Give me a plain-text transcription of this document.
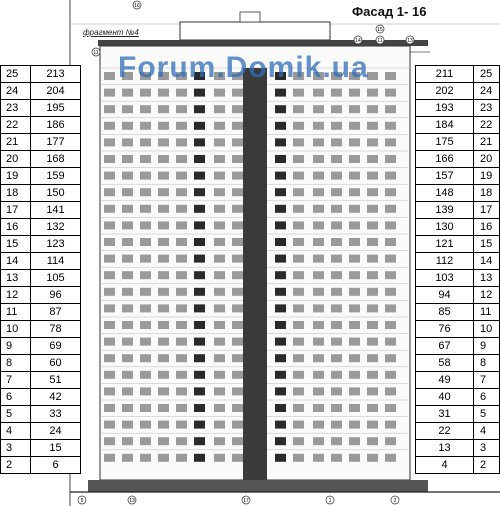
16
15
14	13
11
11
5	13	17	1	2
Фасад 1- 16
фрагмент №4
Forum.Domik.ua
25	213
24	204
23	195
22	186
21	177
20	168
19	159
18	150
17	141
16	132
15	123
14	114
13	105
12	96
11	87
10	78
9	69
8	60
7	51
6	42
5	33
4	24
3	15
2	6
211	25
202	24
193	23
184	22
175	21
166	20
157	19
148	18
139	17
130	16
121	15
112	14
103	13
94	12
85	11
76	10
67	9
58	8
49	7
40	6
31	5
22	4
13	3
4	2
